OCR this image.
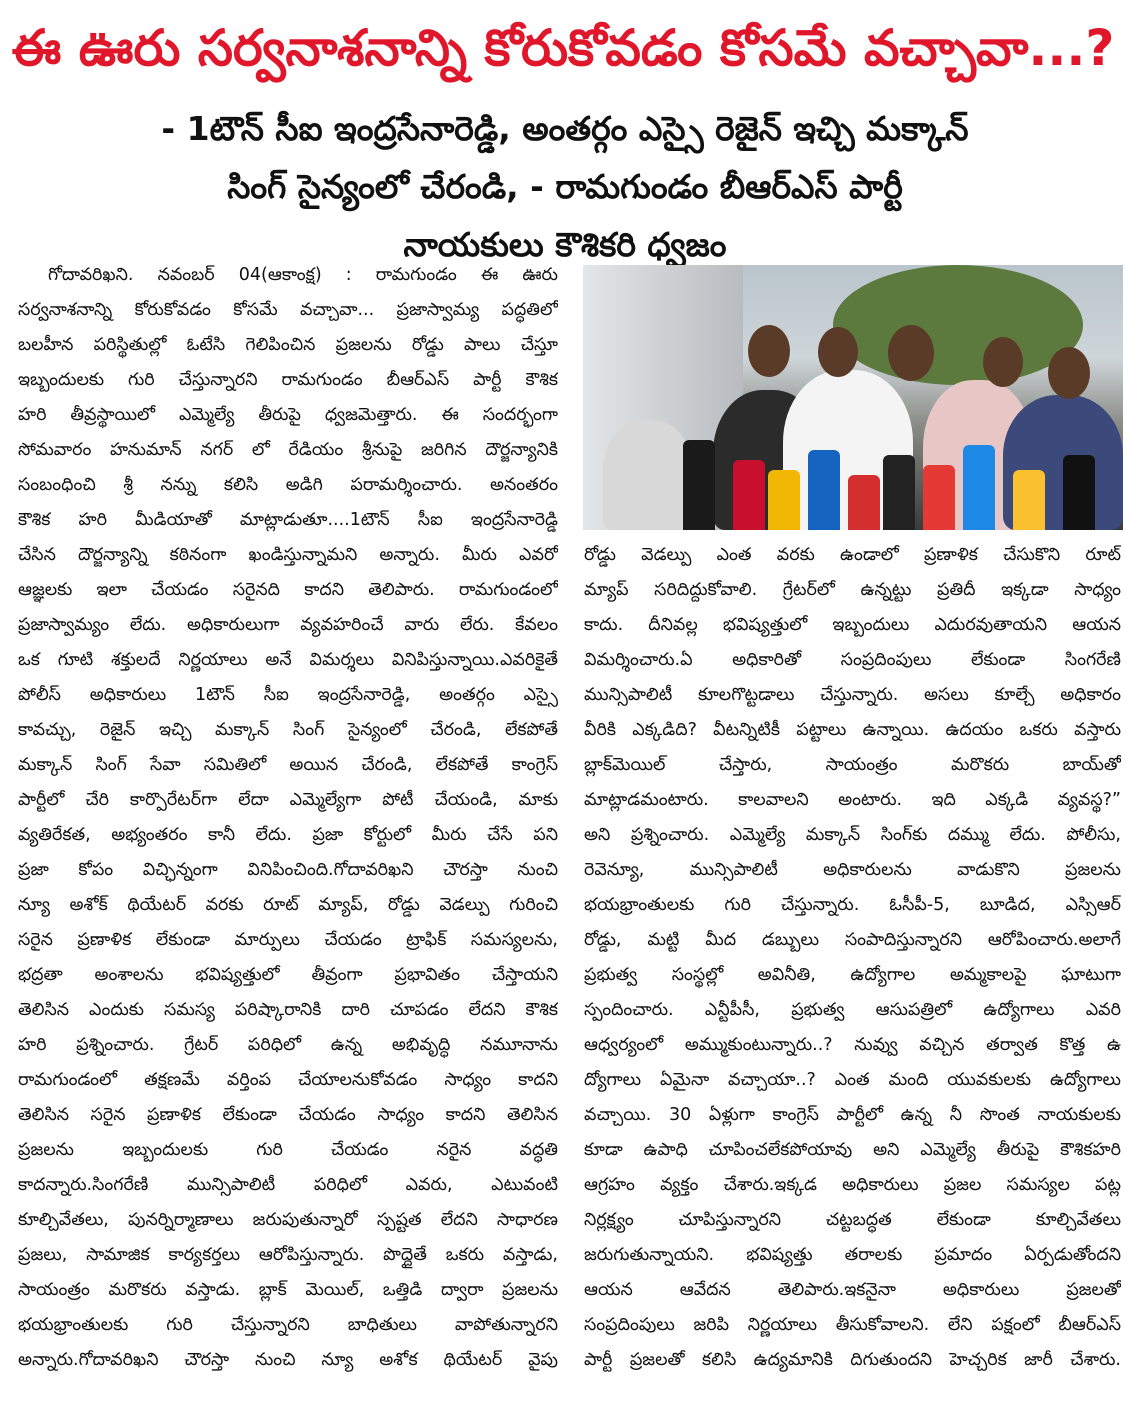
ఈ ఊరు సర్వనాశనాన్ని కోరుకోవడం కోసమే వచ్చావా...?
- 1టౌన్ సీఐ ఇంద్రసేనారెడ్డి, అంతర్గం ఎస్సై రెజైన్ ఇచ్చి మక్కాన్
సింగ్ సైన్యంలో చేరండి, - రామగుండం బీఆర్ఎస్ పార్టీ
నాయకులు కౌశికరి ధ్వజం
గోదావరిఖని. నవంబర్ 04(ఆకాంక్ష) : రామగుండం ఈ ఊరు
సర్వనాశనాన్ని కోరుకోవడం కోసమే వచ్చావా... ప్రజాస్వామ్య పద్ధతిలో
బలహీన పరిస్థితుల్లో ఓటేసి గెలిపించిన ప్రజలను రోడ్డు పాలు చేస్తూ
ఇబ్బందులకు గురి చేస్తున్నారని రామగుండం బీఆర్ఎస్ పార్టీ కౌశిక
హరి తీవ్రస్థాయిలో ఎమ్మెల్యే తీరుపై ధ్వజమెత్తారు. ఈ సందర్భంగా
సోమవారం హనుమాన్ నగర్ లో రేడియం శ్రీనుపై జరిగిన దౌర్జన్యానికి
సంబంధించి శ్రీ నన్ను కలిసి అడిగి పరామర్శించారు. అనంతరం
కౌశిక హరి మీడియాతో మాట్లాడుతూ....1టౌన్ సీఐ ఇంద్రసేనారెడ్డి
చేసిన దౌర్జన్యాన్ని కఠినంగా ఖండిస్తున్నామని అన్నారు. మీరు ఎవరో
ఆజ్ఞలకు ఇలా చేయడం సరైనది కాదని తెలిపారు. రామగుండంలో
ప్రజాస్వామ్యం లేదు. అధికారులుగా వ్యవహరించే వారు లేరు. కేవలం
ఒక గూటి శక్తులదే నిర్ణయాలు అనే విమర్శలు వినిపిస్తున్నాయి.ఎవరికైతే
పోలీస్ అధికారులు 1టౌన్ సీఐ ఇంద్రసేనారెడ్డి, అంతర్గం ఎస్సై
కావచ్చు, రెజైన్ ఇచ్చి మక్కాన్ సింగ్ సైన్యంలో చేరండి, లేకపోతే
మక్కాన్ సింగ్ సేవా సమితిలో అయిన చేరండి, లేకపోతే కాంగ్రెస్
పార్టీలో చేరి కార్పొరేటర్‌గా లేదా ఎమ్మెల్యేగా పోటీ చేయండి, మాకు
వ్యతిరేకత, అభ్యంతరం కానీ లేదు. ప్రజా కోర్టులో మీరు చేసే పని
ప్రజా కోపం విచ్ఛిన్నంగా వినిపించింది.గోదావరిఖని చౌరస్తా నుంచి
న్యూ అశోక్ థియేటర్ వరకు రూట్ మ్యాప్, రోడ్డు వెడల్పు గురించి
సరైన ప్రణాళిక లేకుండా మార్పులు చేయడం ట్రాఫిక్ సమస్యలను,
భద్రతా అంశాలను భవిష్యత్తులో తీవ్రంగా ప్రభావితం చేస్తాయని
తెలిసిన ఎందుకు సమస్య పరిష్కారానికి దారి చూపడం లేదని కౌశిక
హరి ప్రశ్నించారు. గ్రేటర్ పరిధిలో ఉన్న అభివృద్ధి నమూనాను
రామగుండంలో తక్షణమే వర్తింప చేయాలనుకోవడం సాధ్యం కాదని
తెలిసిన సరైన ప్రణాళిక లేకుండా చేయడం సాధ్యం కాదని తెలిసిన
ప్రజలను ఇబ్బందులకు గురి చేయడం నరైన వద్ధతి
కాదన్నారు.సింగరేణి మున్సిపాలిటీ పరిధిలో ఎవరు, ఎటువంటి
కూల్చివేతలు, పునర్నిర్మాణాలు జరుపుతున్నారో స్పష్టత లేదని సాధారణ
ప్రజలు, సామాజిక కార్యకర్తలు ఆరోపిస్తున్నారు. పొద్దైతే ఒకరు వస్తాడు,
సాయంత్రం మరొకరు వస్తాడు. బ్లాక్ మెయిల్, ఒత్తిడి ద్వారా ప్రజలను
భయభ్రాంతులకు గురి చేస్తున్నారని బాధితులు వాపోతున్నారని
అన్నారు.గోదావరిఖని చౌరస్తా నుంచి న్యూ అశోక థియేటర్ వైపు
రోడ్డు వెడల్పు ఎంత వరకు ఉండాలో ప్రణాళిక చేసుకొని రూట్
మ్యాప్ సరిదిద్దుకోవాలి. గ్రేటర్‌లో ఉన్నట్టు ప్రతిదీ ఇక్కడా సాధ్యం
కాదు. దీనివల్ల భవిష్యత్తులో ఇబ్బందులు ఎదురవుతాయని ఆయన
విమర్శించారు.ఏ అధికారితో సంప్రదింపులు లేకుండా సింగరేణి
మున్సిపాలిటీ కూలగొట్టడాలు చేస్తున్నారు. అసలు కూల్చే అధికారం
వీరికి ఎక్కడిది? వీటన్నిటికీ పట్టాలు ఉన్నాయి. ఉదయం ఒకరు వస్తారు
బ్లాక్‌మెయిల్ చేస్తారు, సాయంత్రం మరొకరు బాయ్‌తో
మాట్లాడమంటారు. కాలవాలని అంటారు. ఇది ఎక్కడి వ్యవస్థ?”
అని ప్రశ్నించారు. ఎమ్మెల్యే మక్కాన్ సింగ్‌కు దమ్ము లేదు. పోలీసు,
రెవెన్యూ, మున్సిపాలిటీ అధికారులను వాడుకొని ప్రజలను
భయభ్రాంతులకు గురి చేస్తున్నారు. ఓసీపీ-5, బూడిద, ఎస్సిఆర్
రోడ్డు, మట్టి మీద డబ్బులు సంపాదిస్తున్నారని ఆరోపించారు.అలాగే
ప్రభుత్వ సంస్థల్లో అవినీతి, ఉద్యోగాల అమ్మకాలపై ఘాటుగా
స్పందించారు. ఎన్టీపీసీ, ప్రభుత్వ ఆసుపత్రిలో ఉద్యోగాలు ఎవరి
ఆధ్వర్యంలో అమ్ముకుంటున్నారు..? నువ్వు వచ్చిన తర్వాత కొత్త ఉ
ద్యోగాలు ఏమైనా వచ్చాయా..? ఎంత మంది యువకులకు ఉద్యోగాలు
వచ్చాయి. 30 ఏళ్లుగా కాంగ్రెస్ పార్టీలో ఉన్న నీ సొంత నాయకులకు
కూడా ఉపాధి చూపించలేకపోయావు అని ఎమ్మెల్యే తీరుపై కౌశికహరి
ఆగ్రహం వ్యక్తం చేశారు.ఇక్కడ అధికారులు ప్రజల సమస్యల పట్ల
నిర్లక్ష్యం చూపిస్తున్నారని చట్టబద్ధత లేకుండా కూల్చివేతలు
జరుగుతున్నాయని. భవిష్యత్తు తరాలకు ప్రమాదం ఏర్పడుతోందని
ఆయన ఆవేదన తెలిపారు.ఇకనైనా అధికారులు ప్రజలతో
సంప్రదింపులు జరిపి నిర్ణయాలు తీసుకోవాలని. లేని పక్షంలో బీఆర్ఎస్
పార్టీ ప్రజలతో కలిసి ఉద్యమానికి దిగుతుందని హెచ్చరిక జారీ చేశారు.
